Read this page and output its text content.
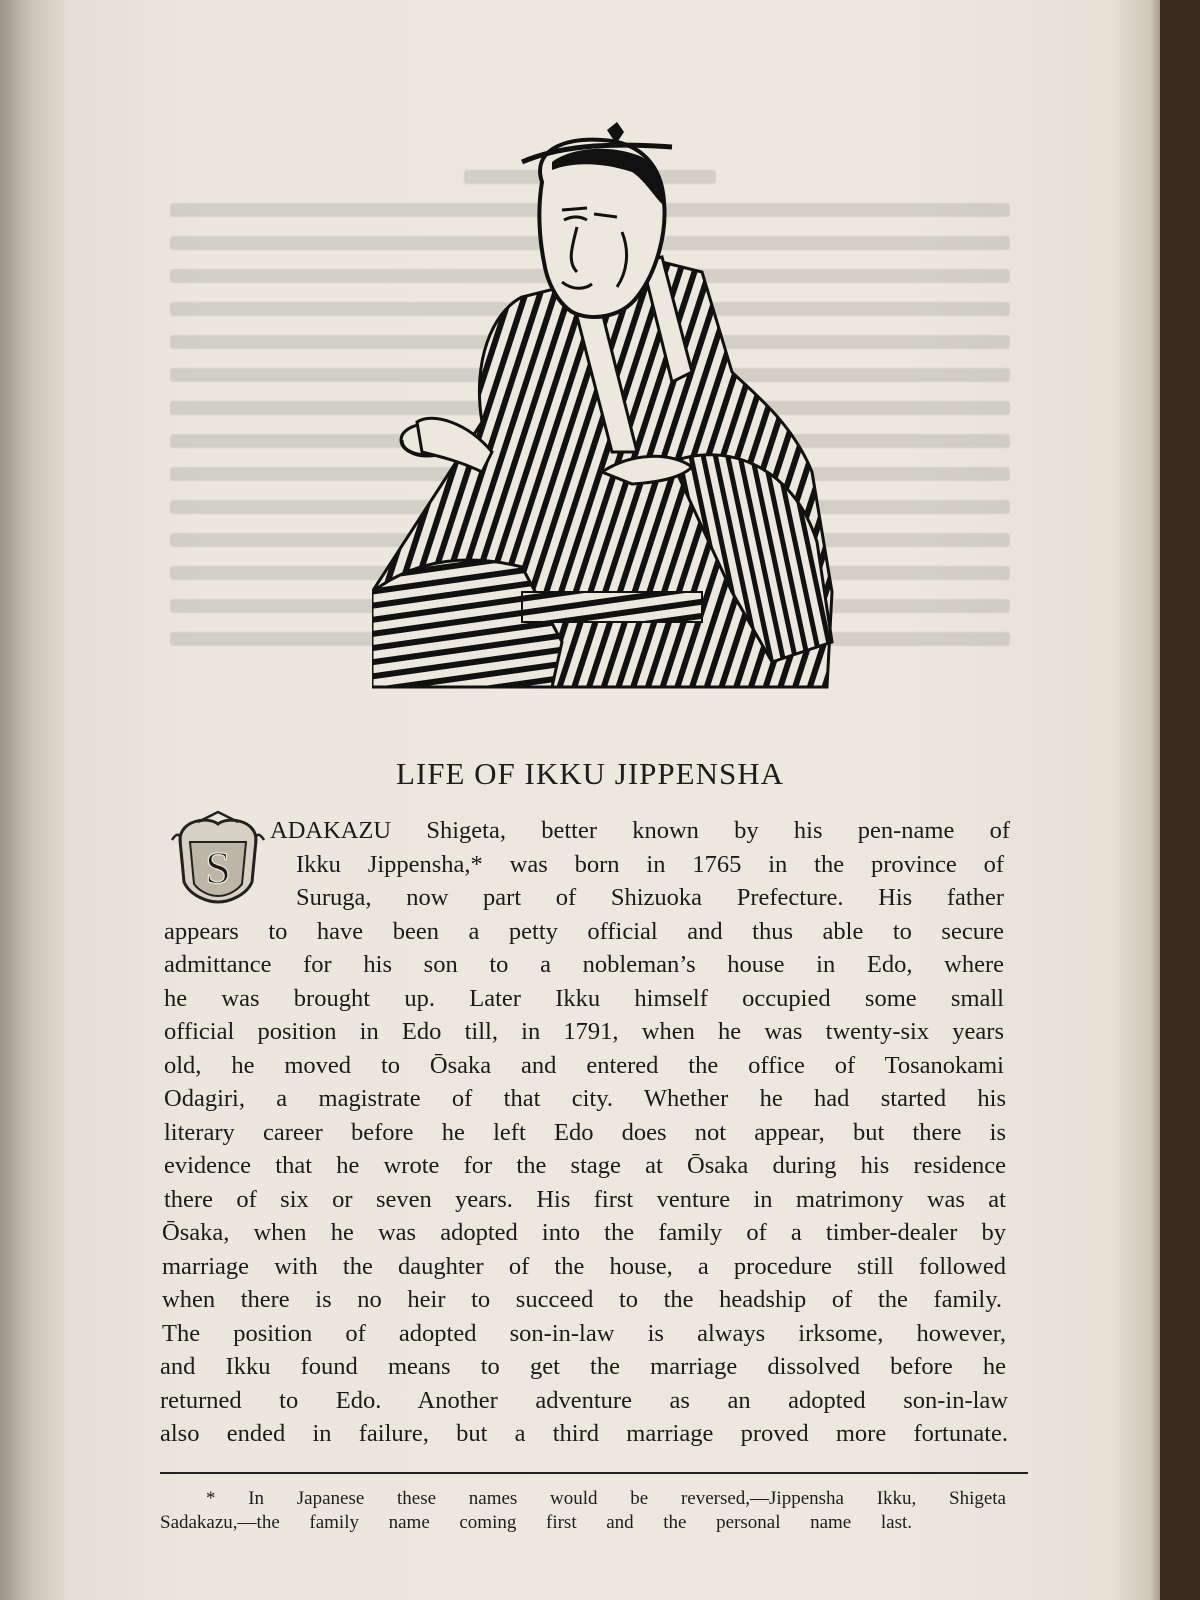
LIFE OF IKKU JIPPENSHA
S
ADAKAZU Shigeta, better known by his pen-name of
Ikku Jippensha,* was born in 1765 in the province of
Suruga, now part of Shizuoka Prefecture. His father
appears to have been a petty official and thus able to secure
admittance for his son to a nobleman’s house in Edo, where
he was brought up. Later Ikku himself occupied some small
official position in Edo till, in 1791, when he was twenty-six years
old, he moved to Ōsaka and entered the office of Tosanokami
Odagiri, a magistrate of that city. Whether he had started his
literary career before he left Edo does not appear, but there is
evidence that he wrote for the stage at Ōsaka during his residence
there of six or seven years. His first venture in matrimony was at
Ōsaka, when he was adopted into the family of a timber-dealer by
marriage with the daughter of the house, a procedure still followed
when there is no heir to succeed to the headship of the family.
The position of adopted son-in-law is always irksome, however,
and Ikku found means to get the marriage dissolved before he
returned to Edo. Another adventure as an adopted son-in-law
also ended in failure, but a third marriage proved more fortunate.
* In Japanese these names would be reversed,—Jippensha Ikku, Shigeta
Sadakazu,—the family name coming first and the personal name last.
